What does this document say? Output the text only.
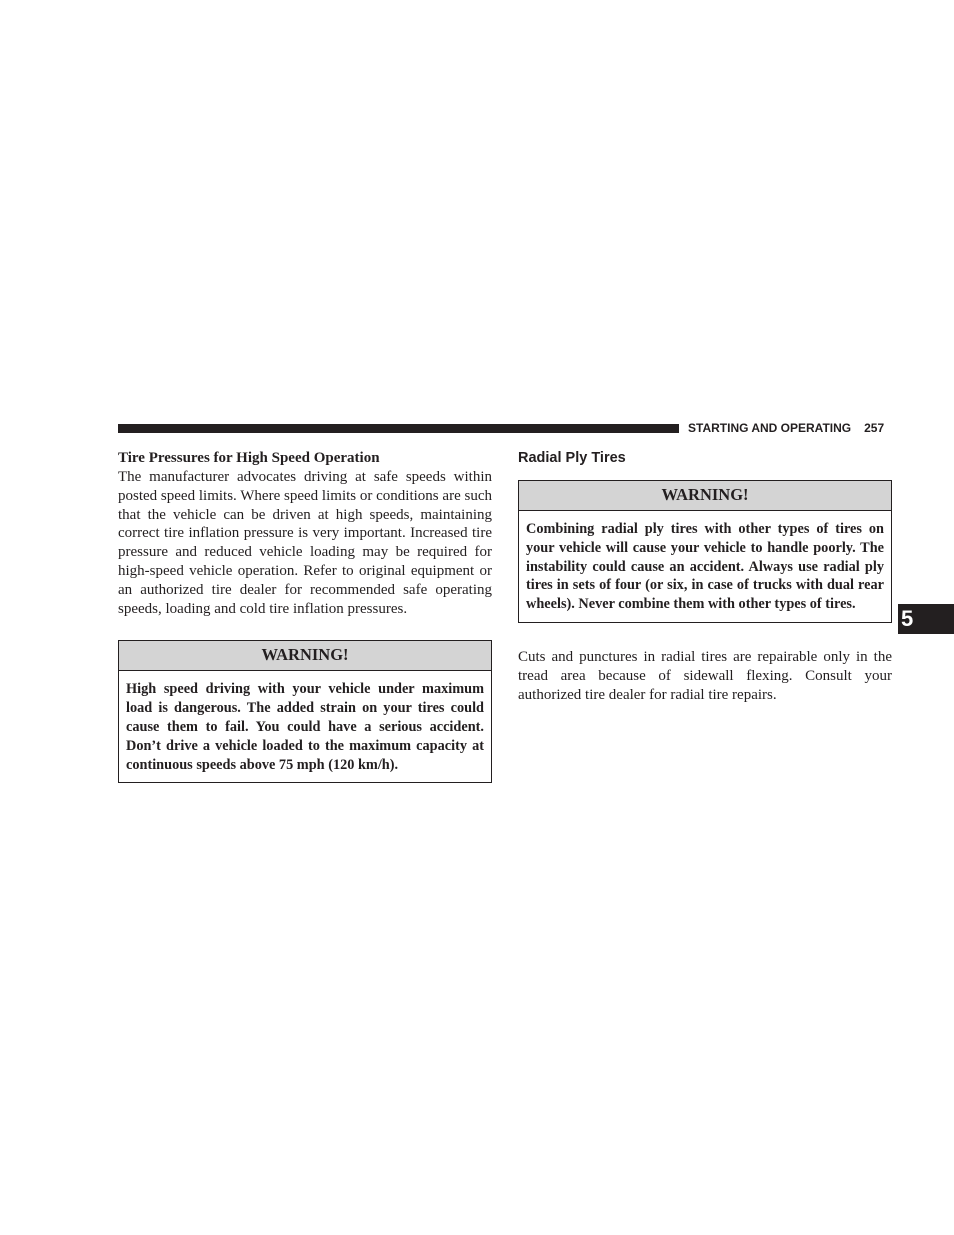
STARTING AND OPERATING 257
Tire Pressures for High Speed Operation

The manufacturer advocates driving at safe speeds within posted speed limits. Where speed limits or conditions are such that the vehicle can be driven at high speeds, maintaining correct tire inflation pressure is very important. Increased tire pressure and reduced vehicle loading may be required for high-speed vehicle operation. Refer to original equipment or an authorized tire dealer for recommended safe operating speeds, loading and cold tire inflation pressures.

WARNING!
High speed driving with your vehicle under maximum load is dangerous. The added strain on your tires could cause them to fail. You could have a serious accident. Don’t drive a vehicle loaded to the maximum capacity at continuous speeds above 75 mph (120 km/h).
Radial Ply Tires
WARNING!
Combining radial ply tires with other types of tires on your vehicle will cause your vehicle to handle poorly. The instability could cause an accident. Always use radial ply tires in sets of four (or six, in case of trucks with dual rear wheels). Never combine them with other types of tires.

Cuts and punctures in radial tires are repairable only in the tread area because of sidewall flexing. Consult your authorized tire dealer for radial tire repairs.

5
